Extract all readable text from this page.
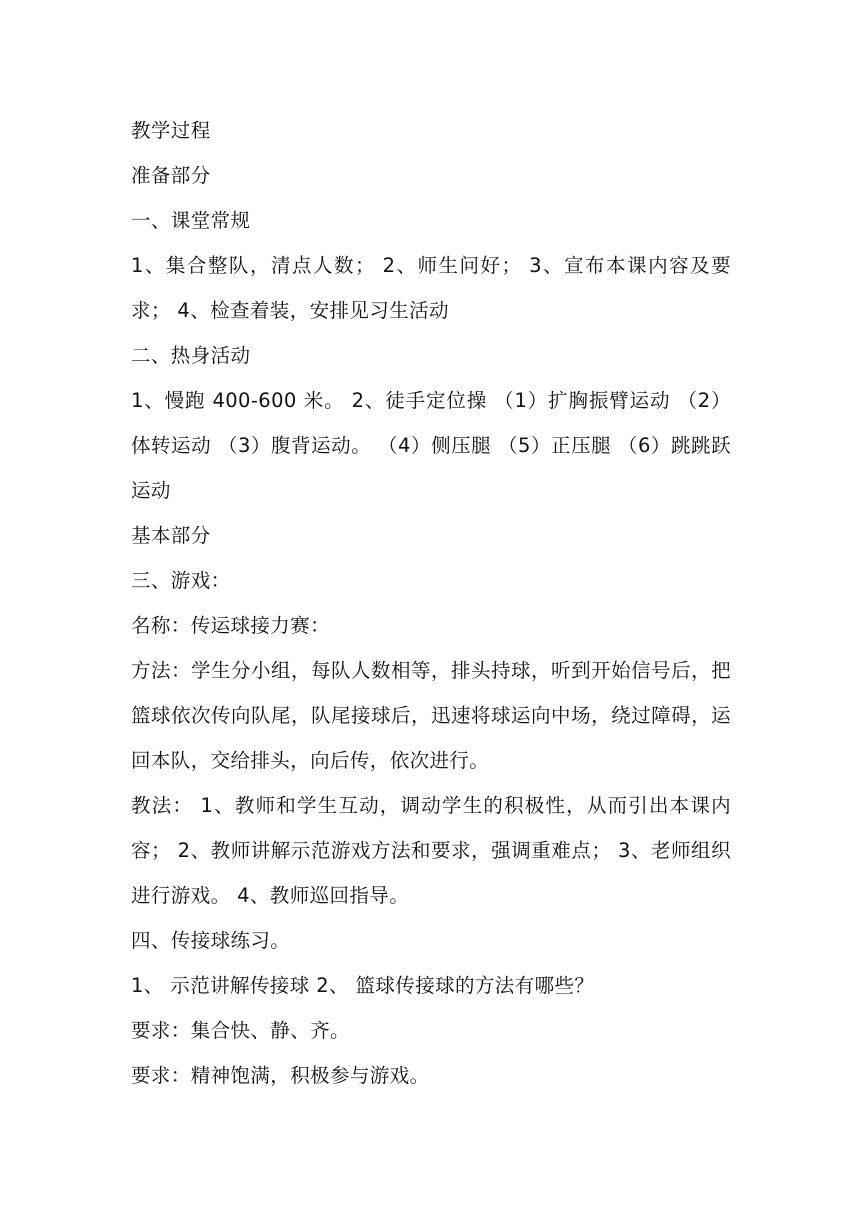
教学过程

准备部分

一、课堂常规

1、集合整队，清点人数； 2、师生问好； 3、宣布本课内容及要求； 4、检查着装，安排见习生活动

二、热身活动

1、慢跑 400-600 米。 2、徒手定位操 （1）扩胸振臂运动 （2）体转运动 （3）腹背运动。 （4）侧压腿 （5）正压腿 （6）跳跳跃运动

基本部分

三、游戏：

名称：传运球接力赛：

方法：学生分小组，每队人数相等，排头持球，听到开始信号后，把篮球依次传向队尾，队尾接球后，迅速将球运向中场，绕过障碍，运回本队，交给排头，向后传，依次进行。

教法： 1、教师和学生互动，调动学生的积极性，从而引出本课内容； 2、教师讲解示范游戏方法和要求，强调重难点； 3、老师组织进行游戏。 4、教师巡回指导。

四、传接球练习。

1、 示范讲解传接球 2、 篮球传接球的方法有哪些？

要求：集合快、静、齐。

要求：精神饱满，积极参与游戏。
